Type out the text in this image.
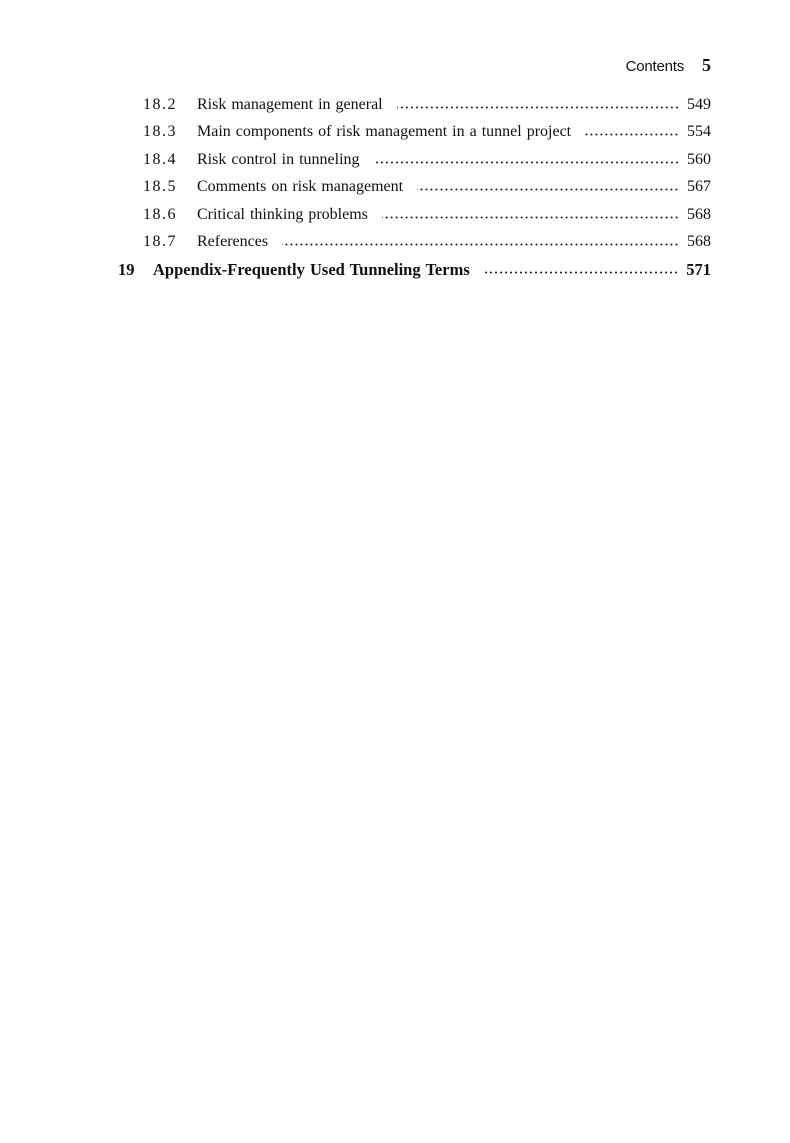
Contents 5
18.2	Risk management in general	549
18.3	Main components of risk management in a tunnel project	554
18.4	Risk control in tunneling	560
18.5	Comments on risk management	567
18.6	Critical thinking problems	568
18.7	References	568
19	Appendix-Frequently Used Tunneling Terms	571
